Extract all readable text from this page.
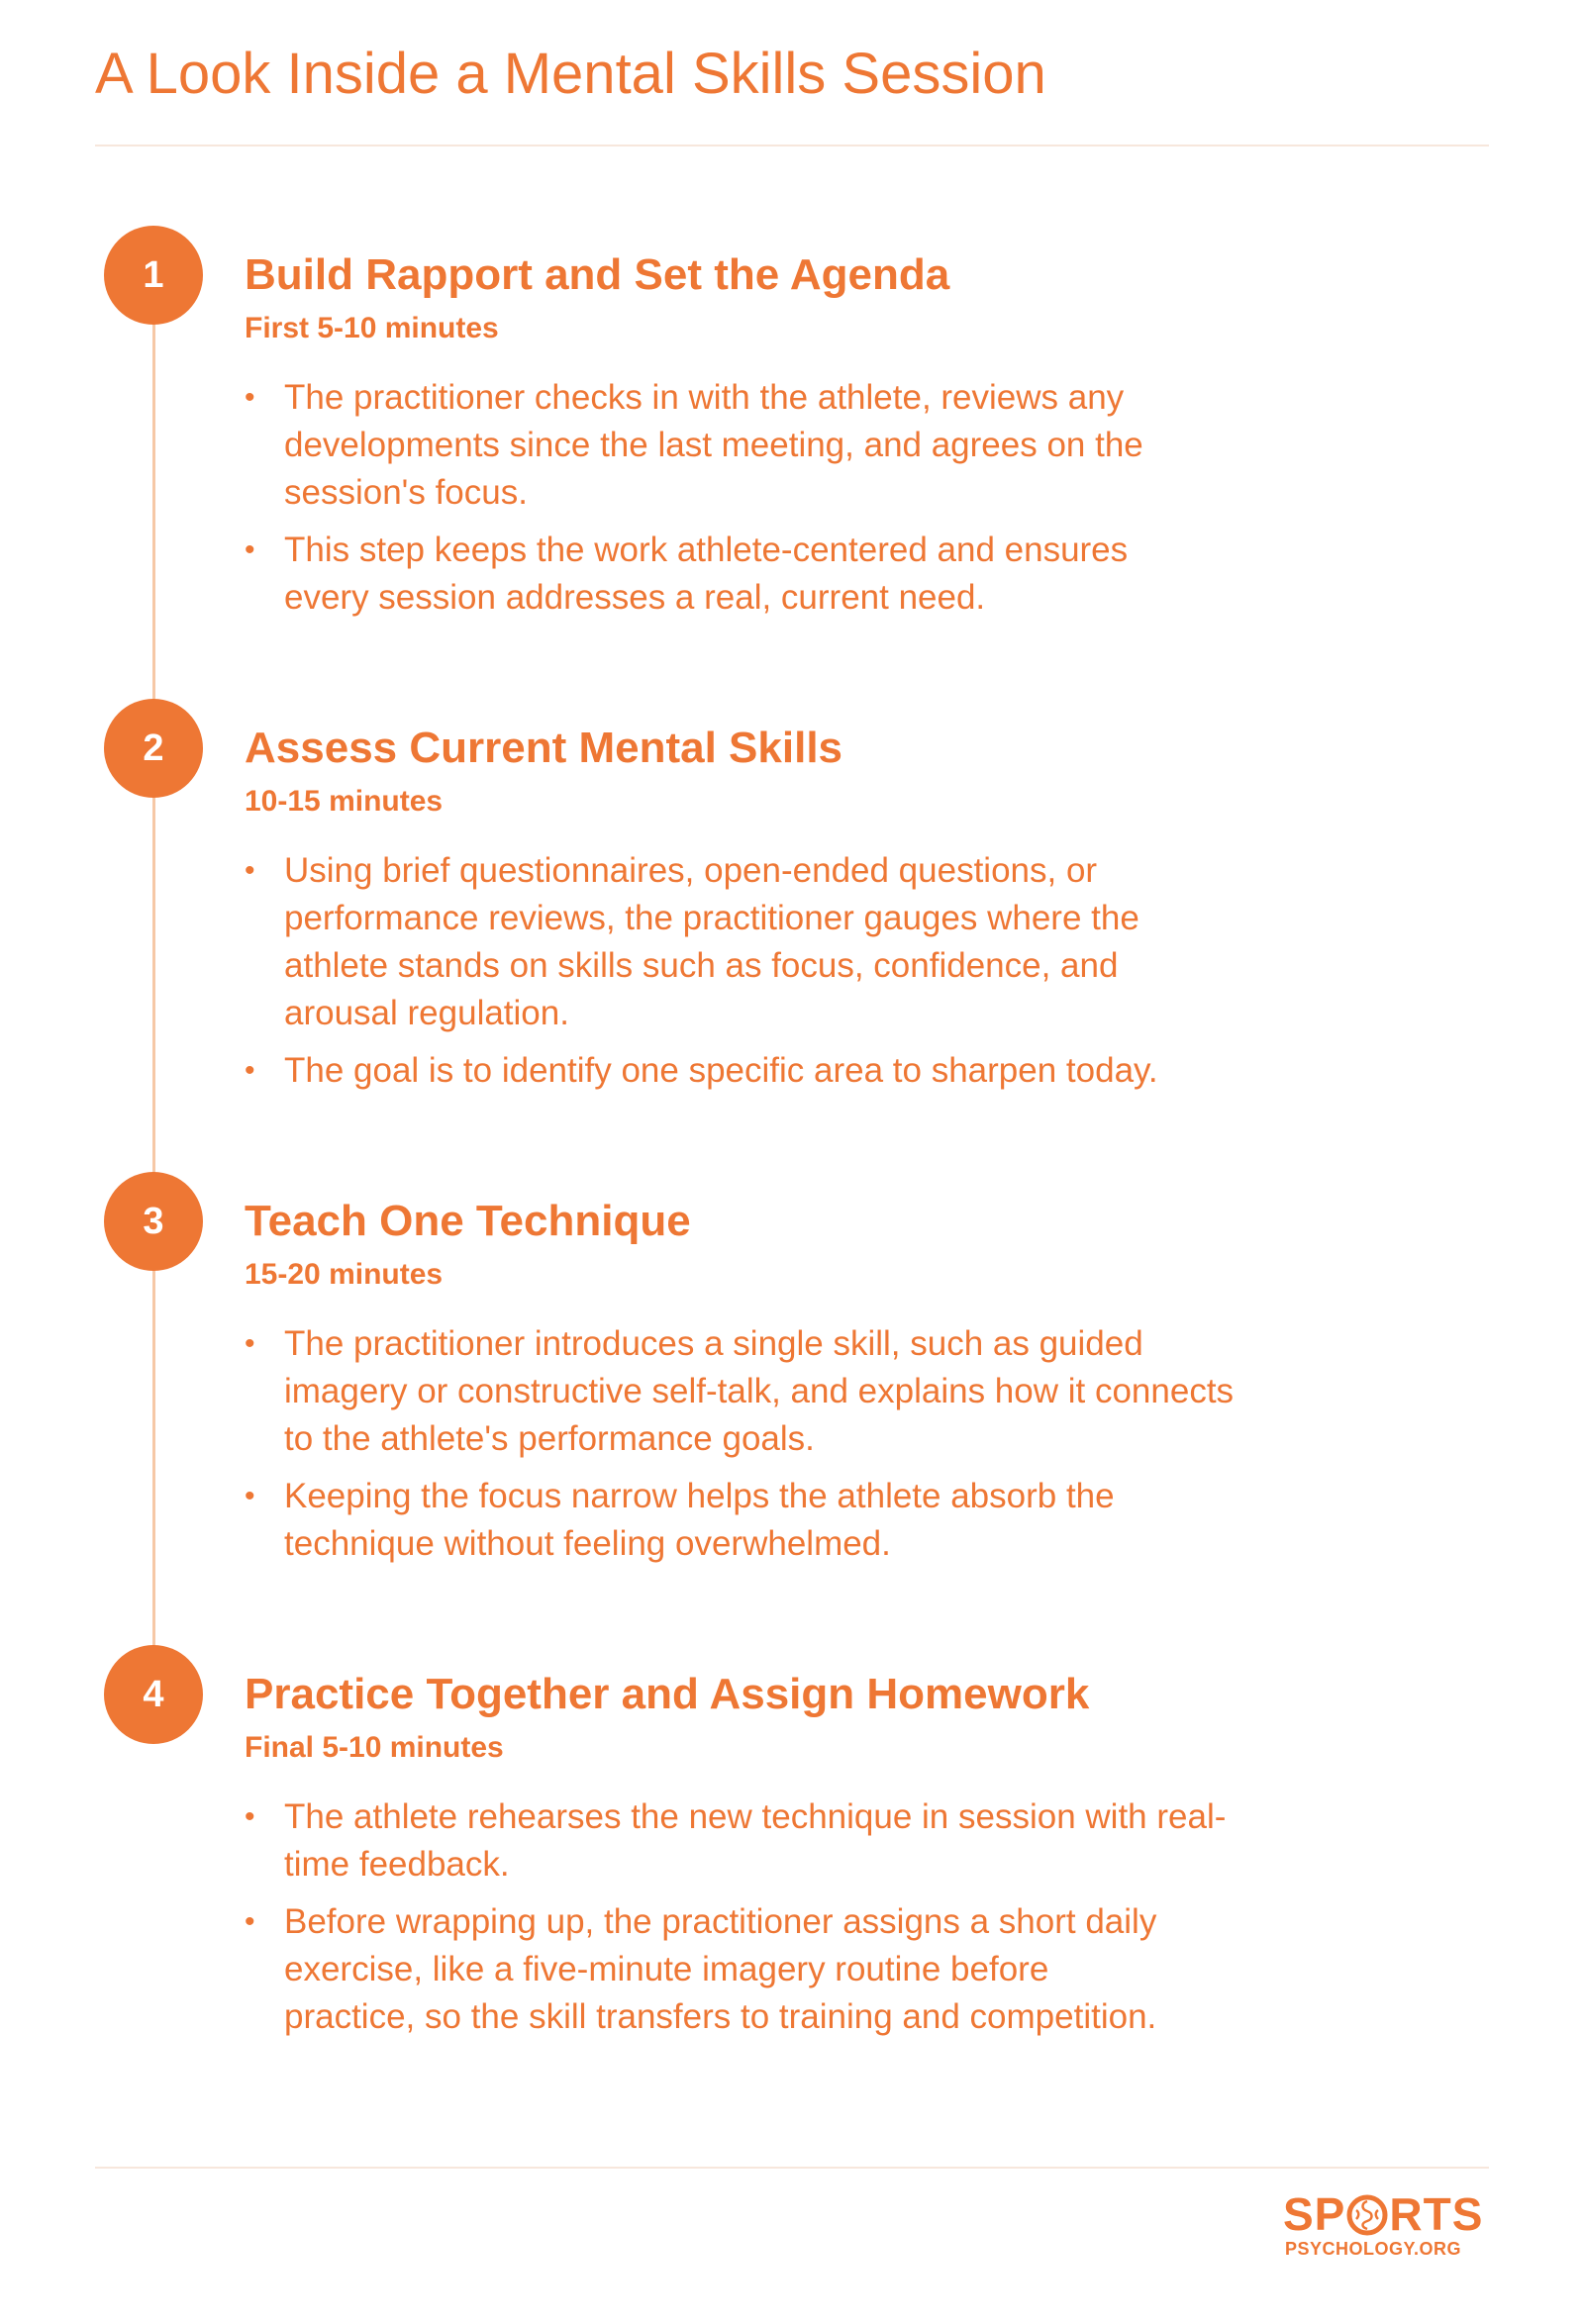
A Look Inside a Mental Skills Session
1	Build Rapport and Set the Agenda
First 5-10 minutes
• The practitioner checks in with the athlete, reviews any developments since the last meeting, and agrees on the session's focus.
• This step keeps the work athlete-centered and ensures every session addresses a real, current need.
2	Assess Current Mental Skills
10-15 minutes
• Using brief questionnaires, open-ended questions, or performance reviews, the practitioner gauges where the athlete stands on skills such as focus, confidence, and arousal regulation.
• The goal is to identify one specific area to sharpen today.
3	Teach One Technique
15-20 minutes
• The practitioner introduces a single skill, such as guided imagery or constructive self-talk, and explains how it connects to the athlete's performance goals.
• Keeping the focus narrow helps the athlete absorb the technique without feeling overwhelmed.
4	Practice Together and Assign Homework
Final 5-10 minutes
• The athlete rehearses the new technique in session with real-time feedback.
• Before wrapping up, the practitioner assigns a short daily exercise, like a five-minute imagery routine before practice, so the skill transfers to training and competition.
SP RTS
PSYCHOLOGY.ORG
